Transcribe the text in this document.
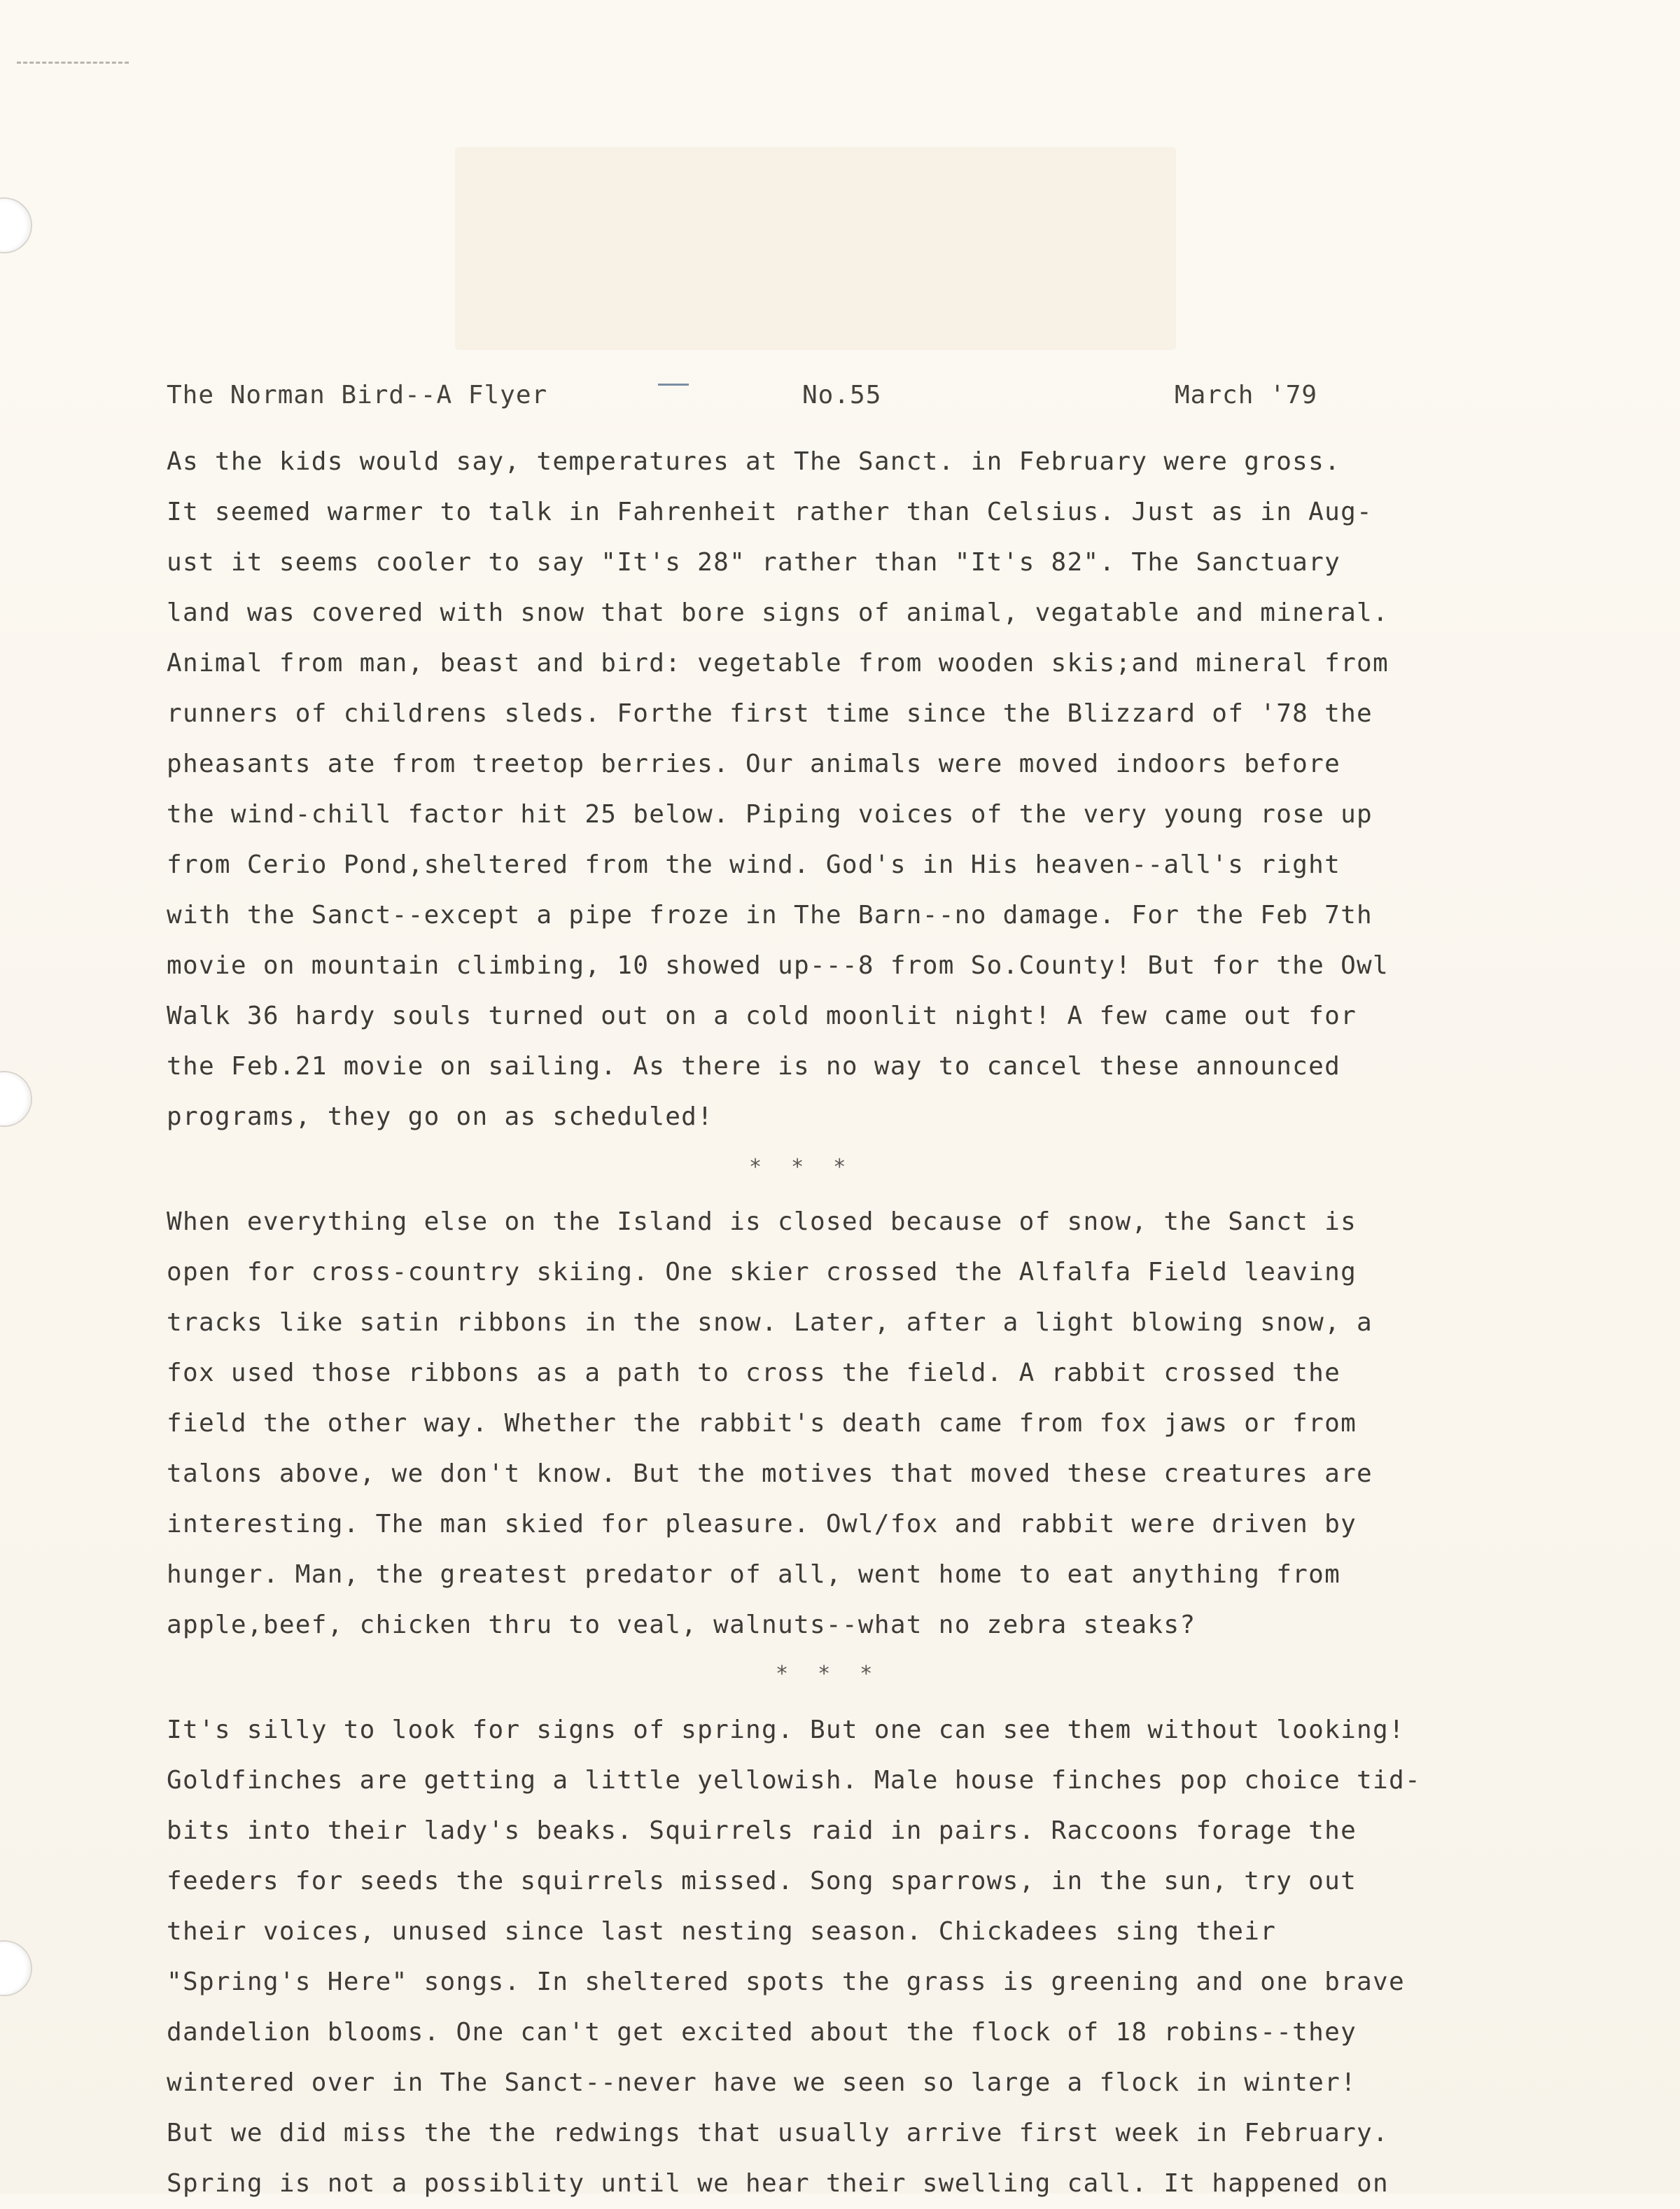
The Norman Bird--A Flyer	No.55	March '79
As the kids would say, temperatures at The Sanct. in February were gross.
It seemed warmer to talk in Fahrenheit rather than Celsius. Just as in Aug-
ust it seems cooler to say "It's 28" rather than "It's 82". The Sanctuary
land was covered with snow that bore signs of animal, vegatable and mineral.
Animal from man, beast and bird: vegetable from wooden skis;and mineral from
runners of childrens sleds. Forthe first time since the Blizzard of '78 the
pheasants ate from treetop berries. Our animals were moved indoors before
the wind-chill factor hit 25 below. Piping voices of the very young rose up
from Cerio Pond,sheltered from the wind. God's in His heaven--all's right
with the Sanct--except a pipe froze in The Barn--no damage. For the Feb 7th
movie on mountain climbing, 10 showed up---8 from So.County! But for the Owl
Walk 36 hardy souls turned out on a cold moonlit night! A few came out for
the Feb.21 movie on sailing. As there is no way to cancel these announced
programs, they go on as scheduled!
* * *
When everything else on the Island is closed because of snow, the Sanct is
open for cross-country skiing. One skier crossed the Alfalfa Field leaving
tracks like satin ribbons in the snow. Later, after a light blowing snow, a
fox used those ribbons as a path to cross the field. A rabbit crossed the
field the other way. Whether the rabbit's death came from fox jaws or from
talons above, we don't know. But the motives that moved these creatures are
interesting. The man skied for pleasure. Owl/fox and rabbit were driven by
hunger. Man, the greatest predator of all, went home to eat anything from
apple,beef, chicken thru to veal, walnuts--what no zebra steaks?
* * *
It's silly to look for signs of spring. But one can see them without looking!
Goldfinches are getting a little yellowish. Male house finches pop choice tid-
bits into their lady's beaks. Squirrels raid in pairs. Raccoons forage the
feeders for seeds the squirrels missed. Song sparrows, in the sun, try out
their voices, unused since last nesting season. Chickadees sing their
"Spring's Here" songs. In sheltered spots the grass is greening and one brave
dandelion blooms. One can't get excited about the flock of 18 robins--they
wintered over in The Sanct--never have we seen so large a flock in winter!
But we did miss the the redwings that usually arrive first week in February.
Spring is not a possiblity until we hear their swelling call. It happened on
